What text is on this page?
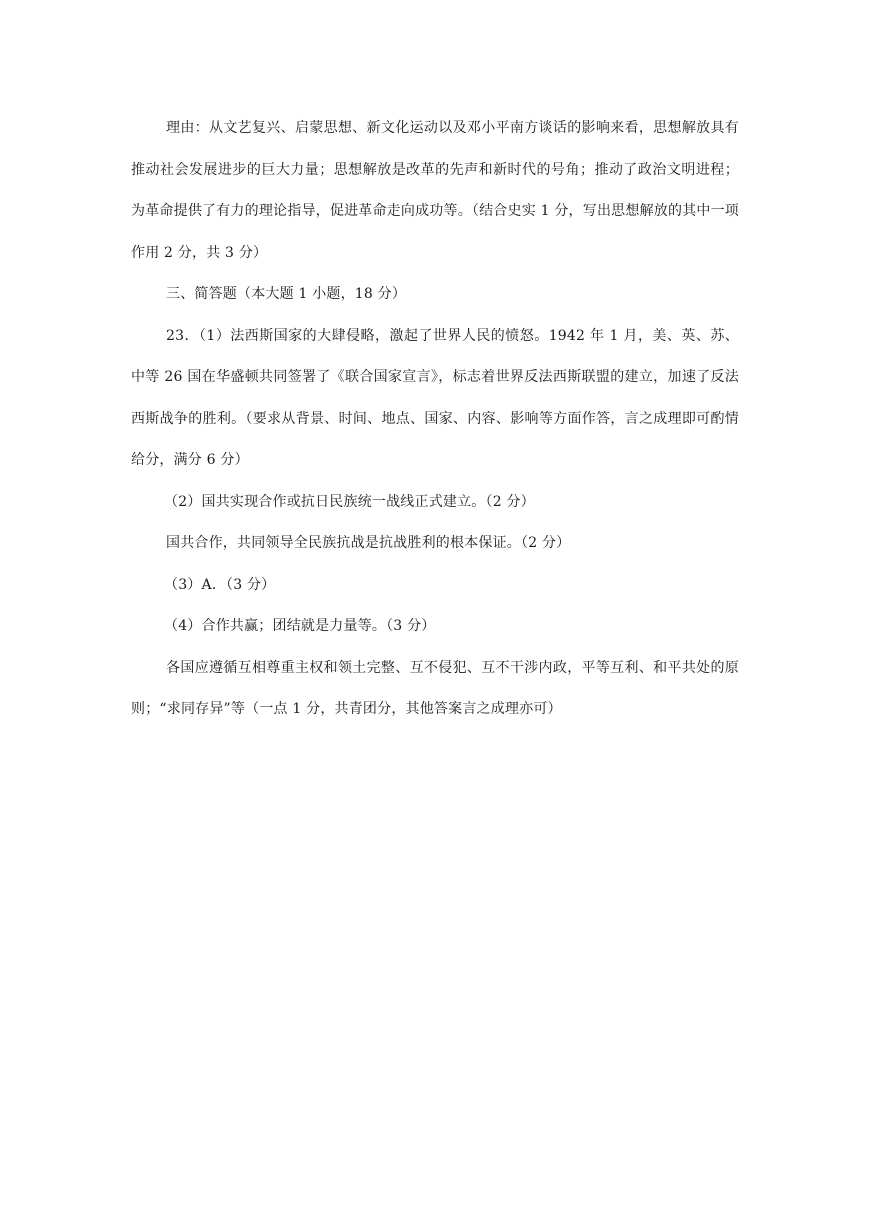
理由：从文艺复兴、启蒙思想、新文化运动以及邓小平南方谈话的影响来看，思想解放具有推动社会发展进步的巨大力量；思想解放是改革的先声和新时代的号角；推动了政治文明进程；为革命提供了有力的理论指导，促进革命走向成功等。（结合史实 1 分，写出思想解放的其中一项作用 2 分，共 3 分）

三、简答题（本大题 1 小题，18 分）

23．（1）法西斯国家的大肆侵略，激起了世界人民的愤怒。1942 年 1 月，美、英、苏、中等 26 国在华盛顿共同签署了《联合国家宣言》，标志着世界反法西斯联盟的建立，加速了反法西斯战争的胜利。（要求从背景、时间、地点、国家、内容、影响等方面作答，言之成理即可酌情给分，满分 6 分）

（2）国共实现合作或抗日民族统一战线正式建立。（2 分）

国共合作，共同领导全民族抗战是抗战胜利的根本保证。（2 分）

（3）A．（3 分）

（4）合作共赢；团结就是力量等。（3 分）

各国应遵循互相尊重主权和领土完整、互不侵犯、互不干涉内政，平等互利、和平共处的原则；“求同存异”等（一点 1 分，共青团分，其他答案言之成理亦可）
